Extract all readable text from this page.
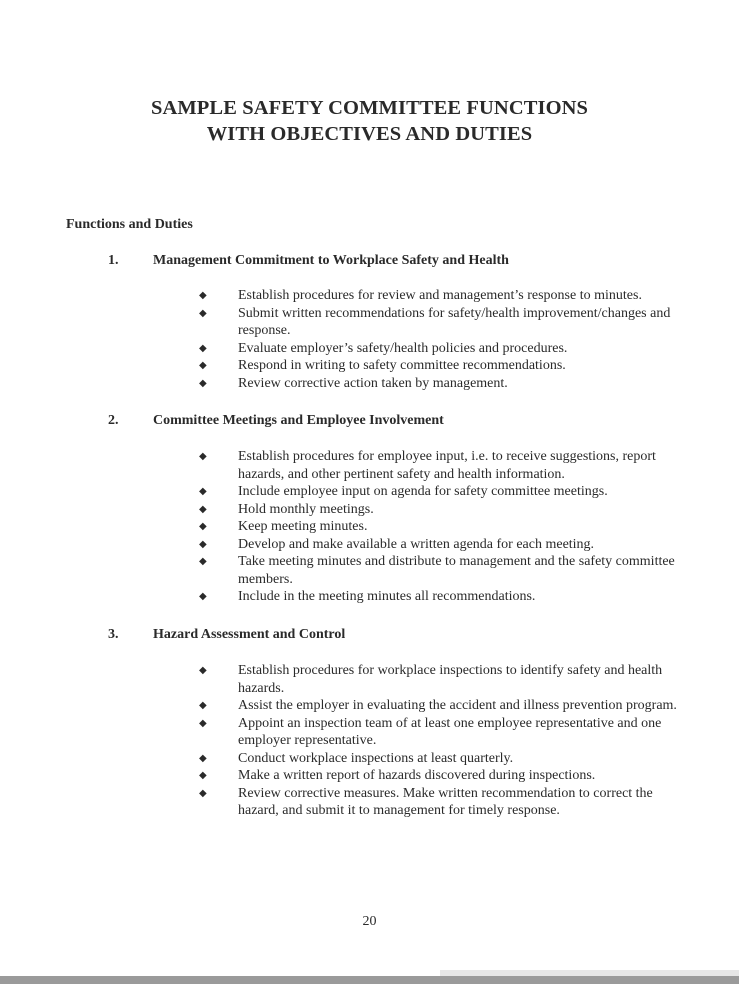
SAMPLE SAFETY COMMITTEE FUNCTIONS
WITH OBJECTIVES AND DUTIES
Functions and Duties
1. Management Commitment to Workplace Safety and Health
◆ Establish procedures for review and management’s response to minutes.
◆ Submit written recommendations for safety/health improvement/changes and response.
◆ Evaluate employer’s safety/health policies and procedures.
◆ Respond in writing to safety committee recommendations.
◆ Review corrective action taken by management.
2. Committee Meetings and Employee Involvement
◆ Establish procedures for employee input, i.e. to receive suggestions, report hazards, and other pertinent safety and health information.
◆ Include employee input on agenda for safety committee meetings.
◆ Hold monthly meetings.
◆ Keep meeting minutes.
◆ Develop and make available a written agenda for each meeting.
◆ Take meeting minutes and distribute to management and the safety committee members.
◆ Include in the meeting minutes all recommendations.
3. Hazard Assessment and Control
◆ Establish procedures for workplace inspections to identify safety and health hazards.
◆ Assist the employer in evaluating the accident and illness prevention program.
◆ Appoint an inspection team of at least one employee representative and one employer representative.
◆ Conduct workplace inspections at least quarterly.
◆ Make a written report of hazards discovered during inspections.
◆ Review corrective measures. Make written recommendation to correct the hazard, and submit it to management for timely response.
20
